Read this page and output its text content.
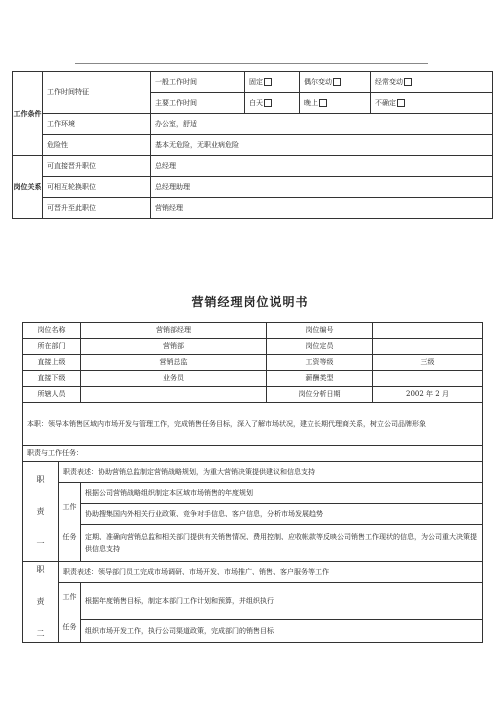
工作条件	工作时间特征	一般工作时间	固定	偶尔变动	经常变动
		主要工作时间	白天	晚上	不确定
	工作环境	办公室，舒适			
	危险性	基本无危险，无职业病危险			
岗位关系	可直接晋升职位	总经理			
	可相互轮换职位	总经理助理			
	可晋升至此职位	营销经理			
营销经理岗位说明书
岗位名称		营销部经理	岗位编号	
所在部门		营销部	岗位定员	
直接上级		营销总监	工资等级	三级
直接下级		业务员	薪酬类型	
所辖人员			岗位分析日期	2002 年 2 月
本职：领导本销售区域内市场开发与管理工作，完成销售任务目标，深入了解市场状况，建立长期代理商关系，树立公司品牌形象				
职责与工作任务：				
职

责

一	职责表述：协助营销总监制定营销战略规划，为重大营销决策提供建议和信息支持			
	工作

任务	根据公司营销战略组织制定本区域市场销售的年度规划		
		协助搜集国内外相关行业政策、竞争对手信息、客户信息，分析市场发展趋势		
		定期、准确向营销总监和相关部门提供有关销售情况、费用控制、应收帐款等反映公司销售工作现状的信息，为公司重大决策提供信息支持		
职

责

二	职责表述：领导部门员工完成市场调研、市场开发、市场推广、销售、客户服务等工作			
	工作

任务	根据年度销售目标，制定本部门工作计划和预算，并组织执行		
		组织市场开发工作，执行公司渠道政策，完成部门的销售目标		
